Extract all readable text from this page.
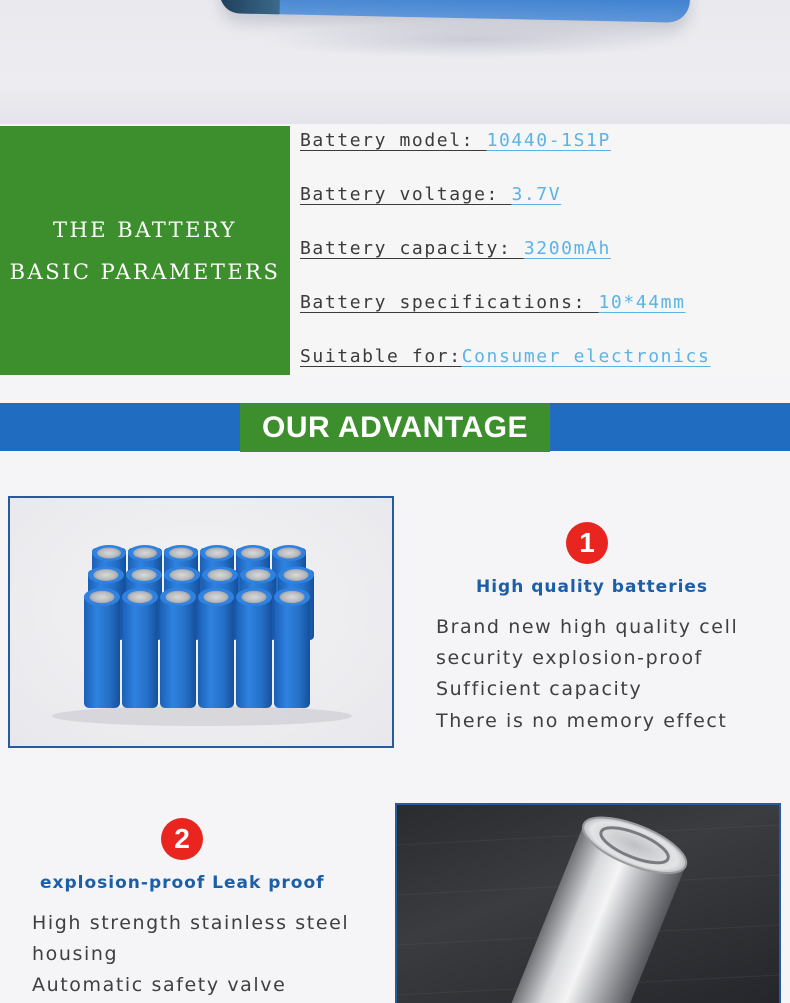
THE BATTERY
BASIC PARAMETERS
Battery model: 10440-1S1P
Battery voltage: 3.7V
Battery capacity: 3200mAh
Battery specifications: 10*44mm
Suitable for:Consumer electronics
OUR ADVANTAGE
1
High quality batteries
Brand new high quality cell
security explosion-proof
Sufficient capacity
There is no memory effect
2
explosion-proof Leak proof
High strength stainless steel
housing
Automatic safety valve
